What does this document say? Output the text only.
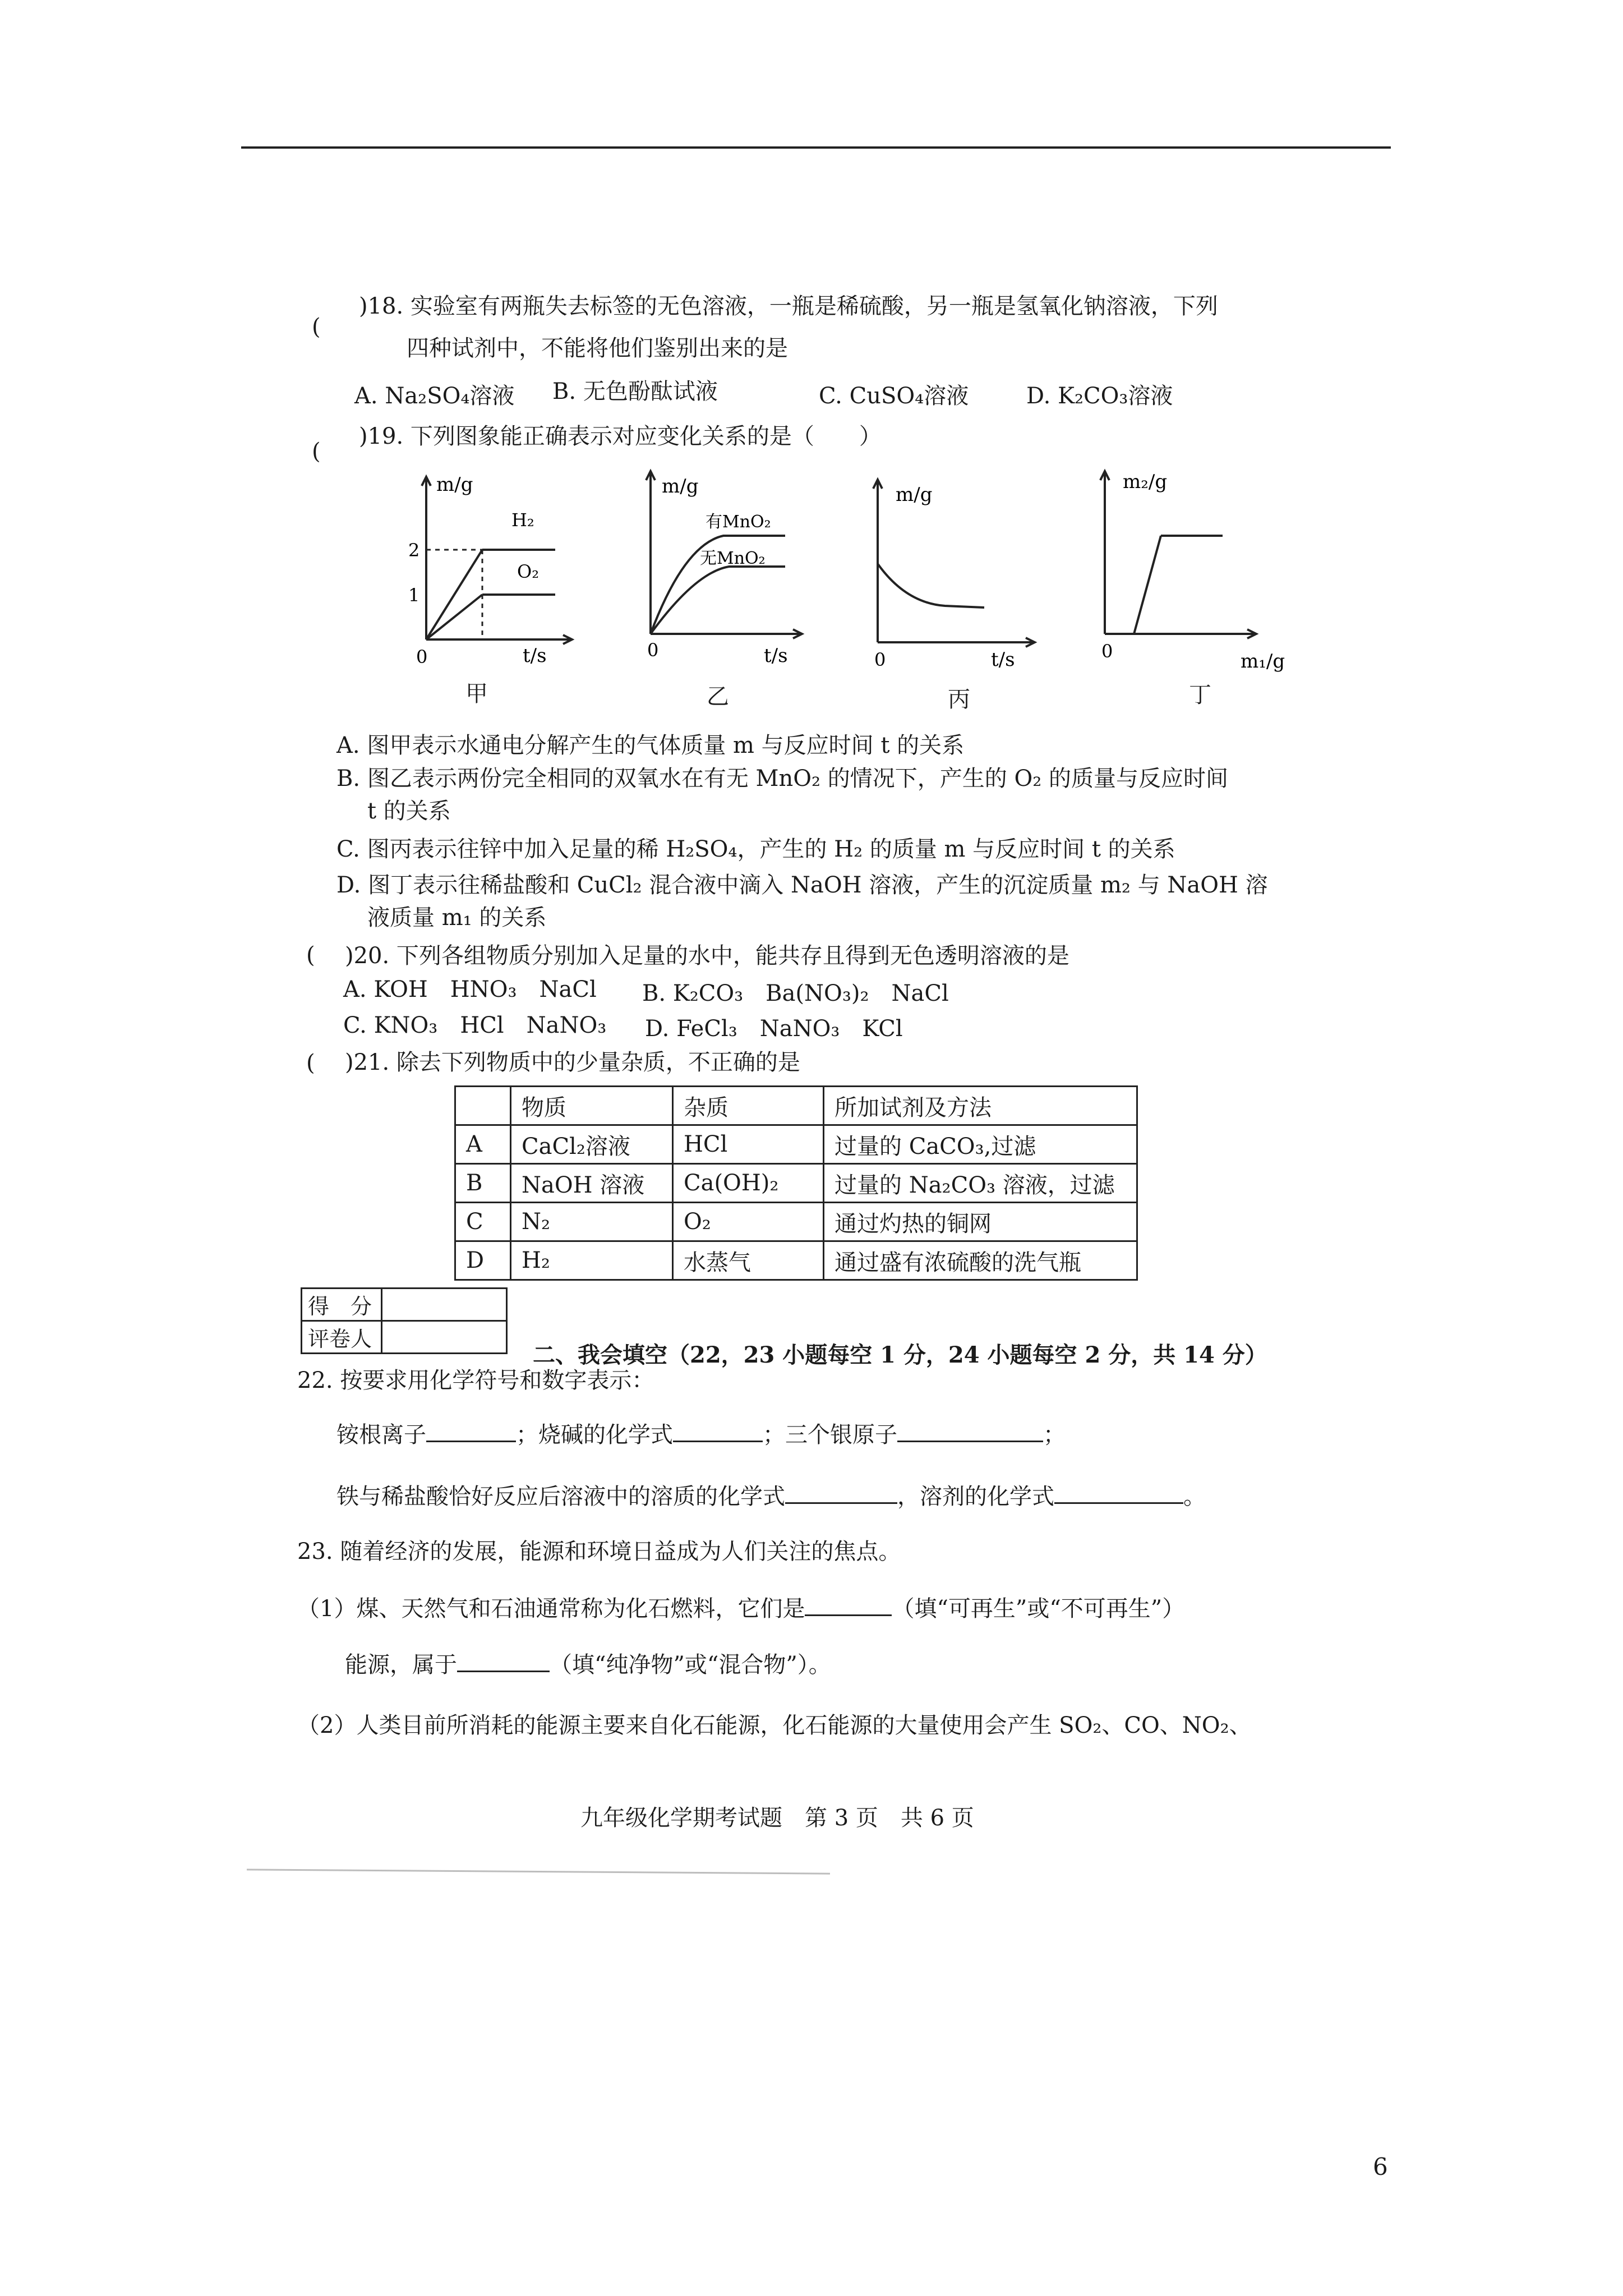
(
)18. 实验室有两瓶失去标签的无色溶液，一瓶是稀硫酸，另一瓶是氢氧化钠溶液，下列
四种试剂中，不能将他们鉴别出来的是
A. Na₂SO₄溶液 B. 无色酚酞试液	C. CuSO₄溶液	D. K₂CO₃溶液
(
)19. 下列图象能正确表示对应变化关系的是（　　）
m/g
H₂
O₂
2
1
0	t/s
甲
m/g
有MnO₂
无MnO₂
0	t/s
乙
m/g
0	t/s
丙
m₂/g
0	m₁/g
丁
A. 图甲表示水通电分解产生的气体质量 m 与反应时间 t 的关系
B. 图乙表示两份完全相同的双氧水在有无 MnO₂ 的情况下，产生的 O₂ 的质量与反应时间
t 的关系
C. 图丙表示往锌中加入足量的稀 H₂SO₄，产生的 H₂ 的质量 m 与反应时间 t 的关系
D. 图丁表示往稀盐酸和 CuCl₂ 混合液中滴入 NaOH 溶液，产生的沉淀质量 m₂ 与 NaOH 溶
液质量 m₁ 的关系
( )20. 下列各组物质分别加入足量的水中，能共存且得到无色透明溶液的是
A. KOH　HNO₃　NaCl B. K₂CO₃　Ba(NO₃)₂　NaCl
C. KNO₃　HCl　NaNO₃ D. FeCl₃　NaNO₃　KCl
( )21. 除去下列物质中的少量杂质，不正确的是
	物质	杂质	所加试剂及方法
A	CaCl₂溶液	HCl	过量的 CaCO₃,过滤
B	NaOH 溶液	Ca(OH)₂	过量的 Na₂CO₃ 溶液，过滤
C	N₂	O₂	通过灼热的铜网
D	H₂	水蒸气	通过盛有浓硫酸的洗气瓶
得　分	
评卷人	
二、我会填空（22，23 小题每空 1 分，24 小题每空 2 分，共 14 分）
22. 按要求用化学符号和数字表示：
铵根离子	；烧碱的化学式	；三个银原子	；
铁与稀盐酸恰好反应后溶液中的溶质的化学式	，溶剂的化学式	。
23. 随着经济的发展，能源和环境日益成为人们关注的焦点。
（1）煤、天然气和石油通常称为化石燃料，它们是	（填“可再生”或“不可再生”）
能源，属于	（填“纯净物”或“混合物”）。
（2）人类目前所消耗的能源主要来自化石能源，化石能源的大量使用会产生 SO₂、CO、NO₂、
九年级化学期考试题　第 3 页　共 6 页
6
